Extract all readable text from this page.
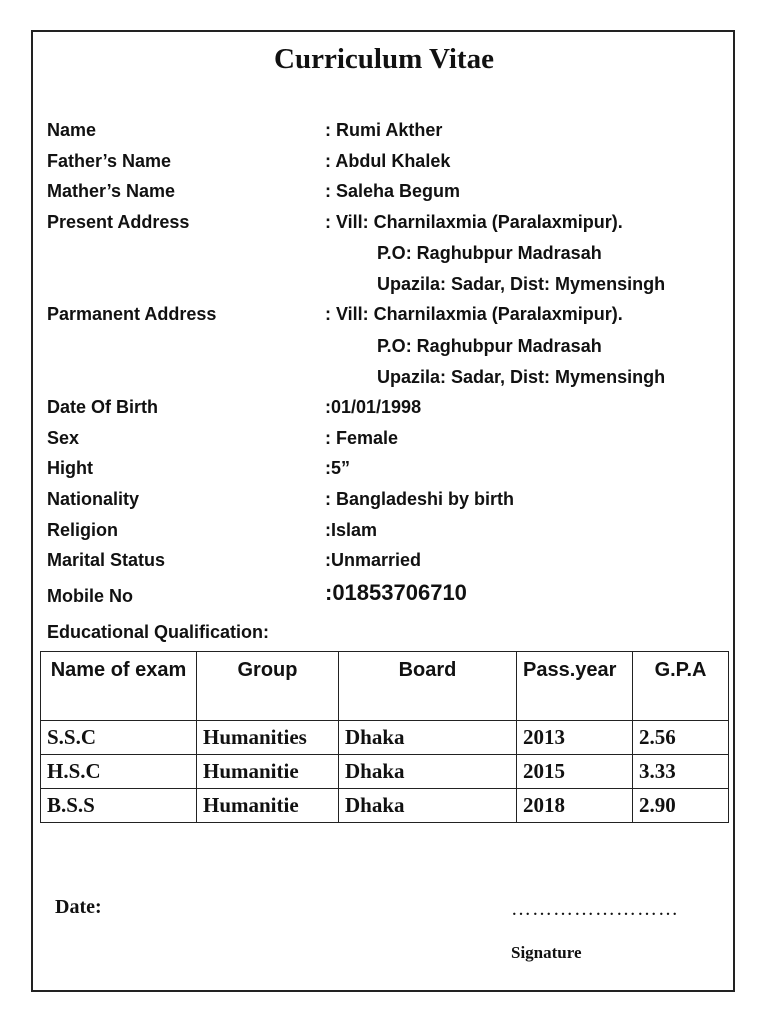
Curriculum Vitae
Name	: Rumi Akther
Father’s Name	: Abdul Khalek
Mather’s Name	: Saleha Begum
Present Address	: Vill: Charnilaxmia (Paralaxmipur).
P.O: Raghubpur Madrasah
Upazila: Sadar, Dist: Mymensingh
Parmanent Address	: Vill: Charnilaxmia (Paralaxmipur).
P.O: Raghubpur Madrasah
Upazila: Sadar, Dist: Mymensingh
Date Of Birth	:01/01/1998
Sex	: Female
Hight	:5”
Nationality	: Bangladeshi by birth
Religion	:Islam
Marital Status	:Unmarried
Mobile No	:01853706710
Educational Qualification:
Name of exam	Group	Board	Pass.year	G.P.A
S.S.C	Humanities	Dhaka	2013	2.56
H.S.C	Humanitie	Dhaka	2015	3.33
B.S.S	Humanitie	Dhaka	2018	2.90
Date:	……………………
Signature
